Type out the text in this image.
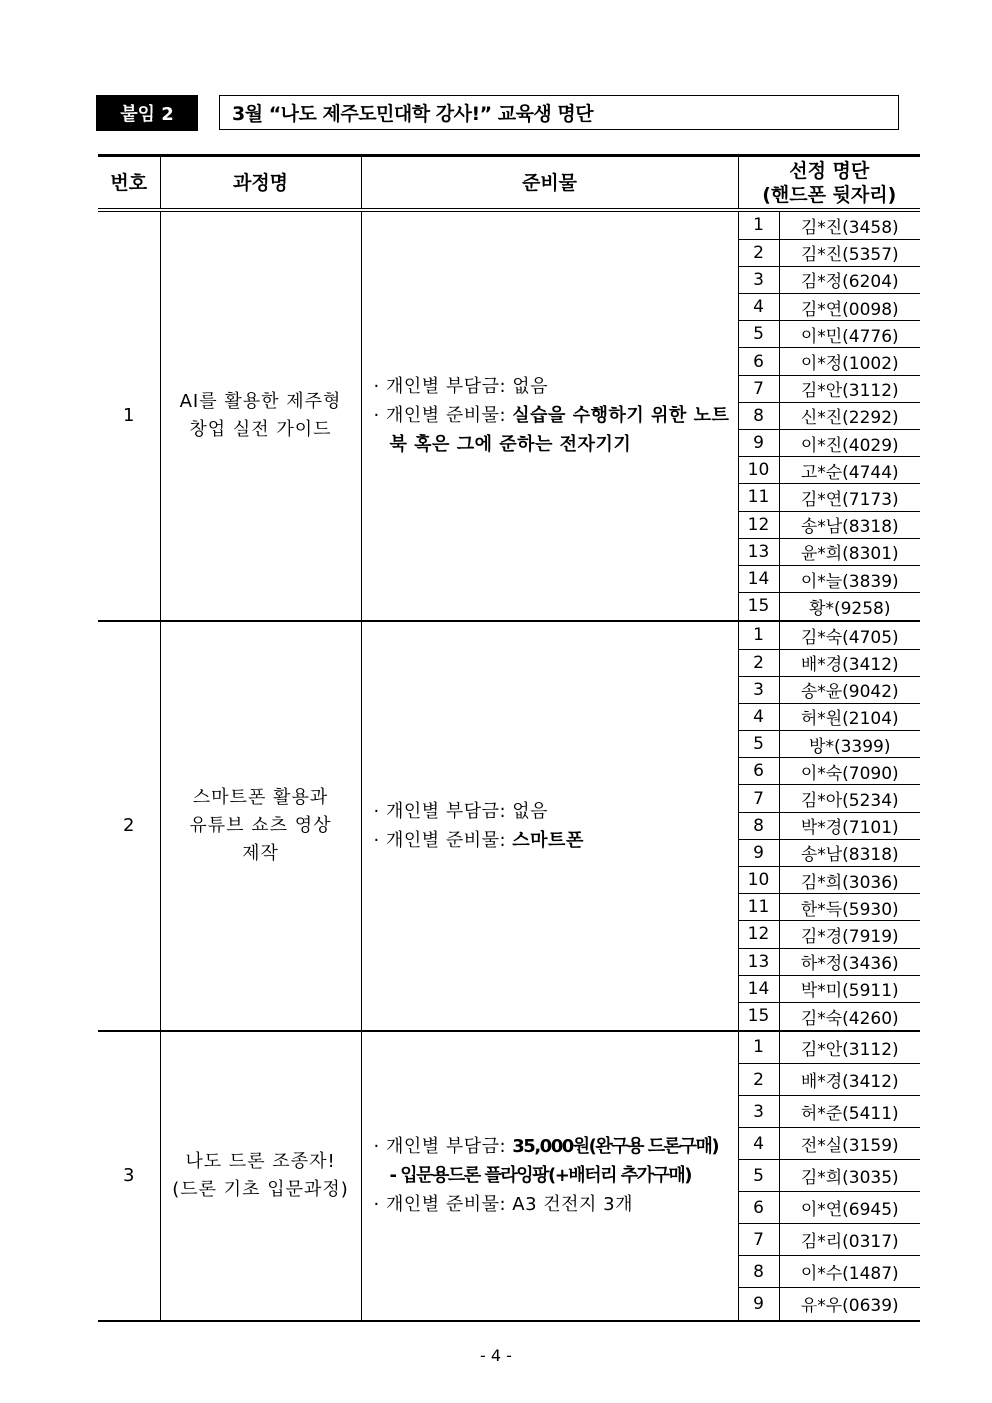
붙임 2	3월 “나도 제주도민대학 강사!” 교육생 명단
번호	과정명	준비물	선정 명단
(핸드폰 뒷자리)
1	
AI를 활용한 제주형
창업 실전 가이드

· 개인별 부담금: 없음
· 개인별 준비물: 실습을 수행하기 위한 노트북 혹은 그에 준하는 전자기기

1	김*진(3458)
2	김*진(5357)
3	김*정(6204)
4	김*연(0098)
5	이*민(4776)
6	이*정(1002)
7	김*안(3112)
8	신*진(2292)
9	이*진(4029)
10	고*순(4744)
11	김*연(7173)
12	송*남(8318)
13	윤*희(8301)
14	이*늘(3839)
15	황*(9258)

2	
스마트폰 활용과
유튜브 쇼츠 영상
제작

· 개인별 부담금: 없음
· 개인별 준비물: 스마트폰

1	김*숙(4705)
2	배*경(3412)
3	송*윤(9042)
4	허*원(2104)
5	방*(3399)
6	이*숙(7090)
7	김*아(5234)
8	박*경(7101)
9	송*남(8318)
10	김*희(3036)
11	한*득(5930)
12	김*경(7919)
13	하*정(3436)
14	박*미(5911)
15	김*숙(4260)

3	
나도 드론 조종자!
(드론 기초 입문과정)

· 개인별 부담금: 35,000원(완구용 드론구매)
- 입문용드론 플라잉팡(+배터리 추가구매)
· 개인별 준비물: A3 건전지 3개

1	김*안(3112)
2	배*경(3412)
3	허*준(5411)
4	전*실(3159)
5	김*희(3035)
6	이*연(6945)
7	김*리(0317)
8	이*수(1487)
9	유*우(0639)
- 4 -
